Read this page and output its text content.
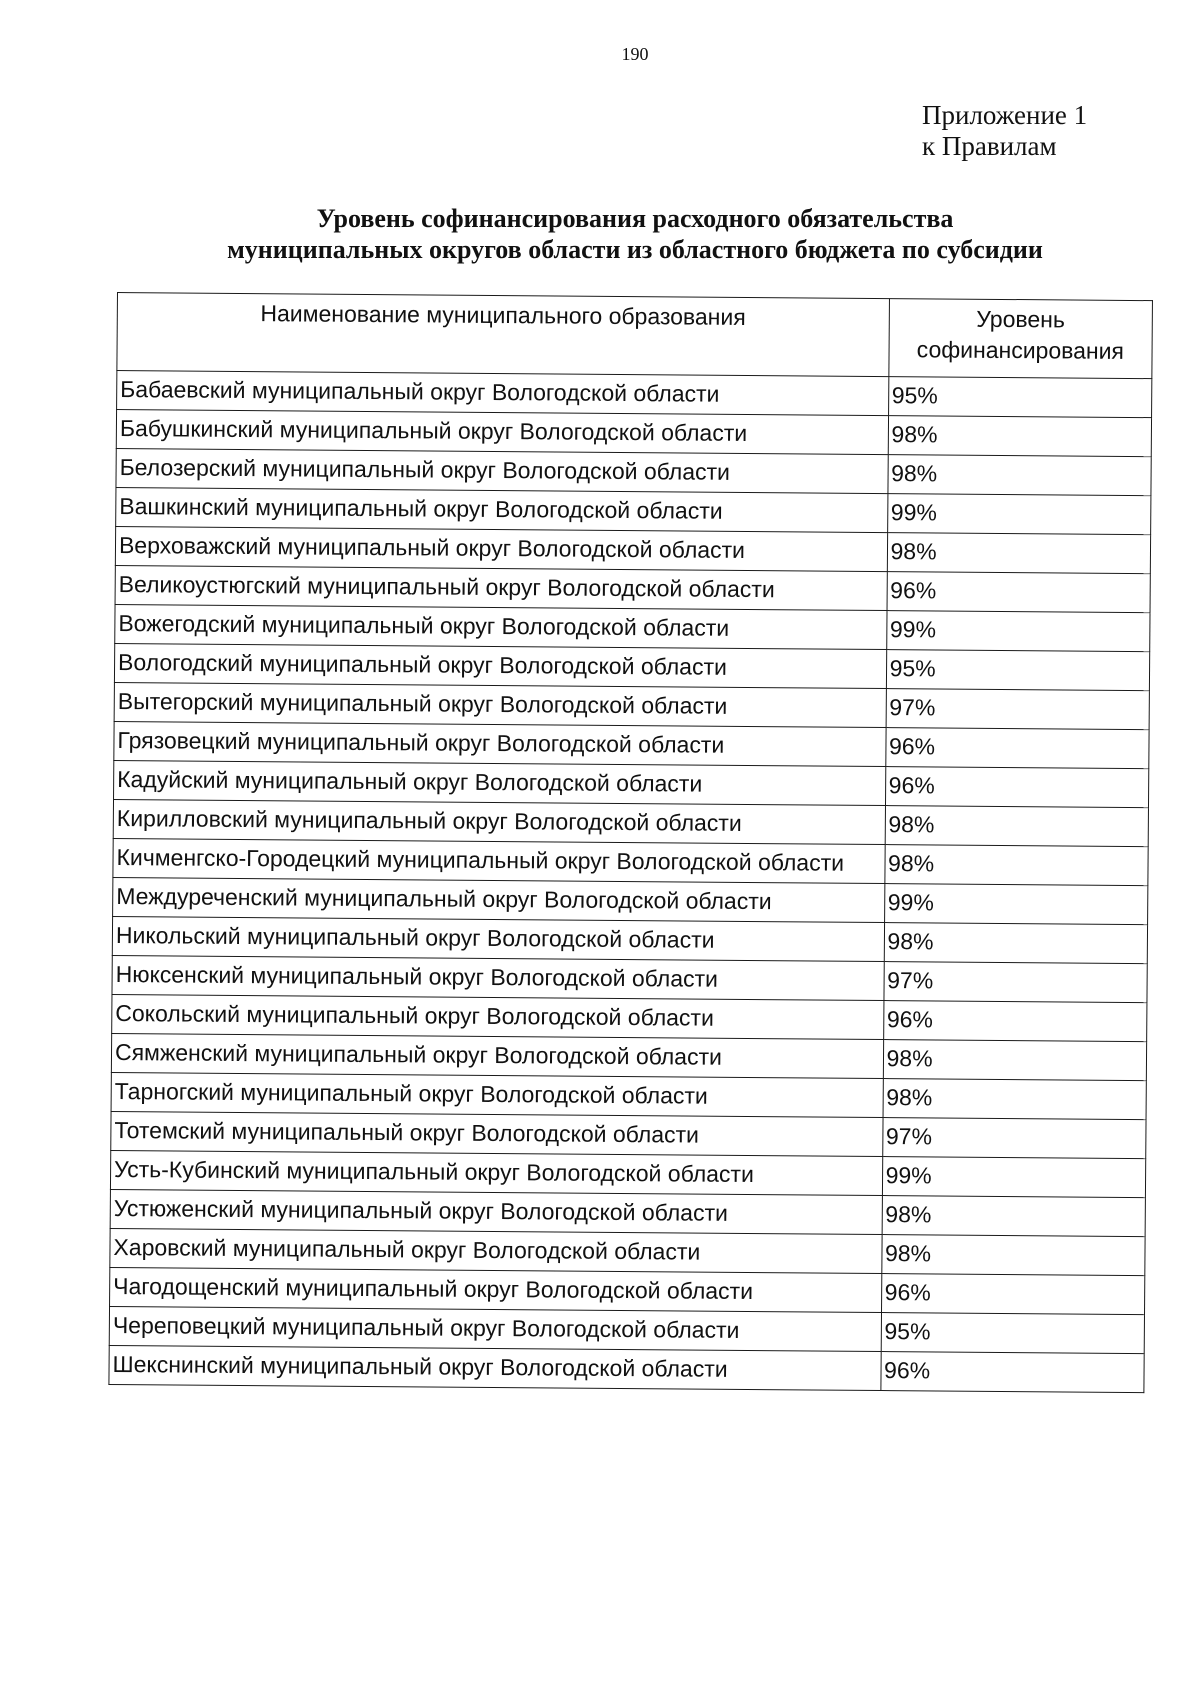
190
Приложение 1
к Правилам
Уровень софинансирования расходного обязательства
муниципальных округов области из областного бюджета по субсидии
Наименование муниципального образования	Уровень софинансирования
Бабаевский муниципальный округ Вологодской области	95%
Бабушкинский муниципальный округ Вологодской области	98%
Белозерский муниципальный округ Вологодской области	98%
Вашкинский муниципальный округ Вологодской области	99%
Верховажский муниципальный округ Вологодской области	98%
Великоустюгский муниципальный округ Вологодской области	96%
Вожегодский муниципальный округ Вологодской области	99%
Вологодский муниципальный округ Вологодской области	95%
Вытегорский муниципальный округ Вологодской области	97%
Грязовецкий муниципальный округ Вологодской области	96%
Кадуйский муниципальный округ Вологодской области	96%
Кирилловский муниципальный округ Вологодской области	98%
Кичменгско-Городецкий муниципальный округ Вологодской области	98%
Междуреченский муниципальный округ Вологодской области	99%
Никольский муниципальный округ Вологодской области	98%
Нюксенский муниципальный округ Вологодской области	97%
Сокольский муниципальный округ Вологодской области	96%
Сямженский муниципальный округ Вологодской области	98%
Тарногский муниципальный округ Вологодской области	98%
Тотемский муниципальный округ Вологодской области	97%
Усть-Кубинский муниципальный округ Вологодской области	99%
Устюженский муниципальный округ Вологодской области	98%
Харовский муниципальный округ Вологодской области	98%
Чагодощенский муниципальный округ Вологодской области	96%
Череповецкий муниципальный округ Вологодской области	95%
Шекснинский муниципальный округ Вологодской области	96%
